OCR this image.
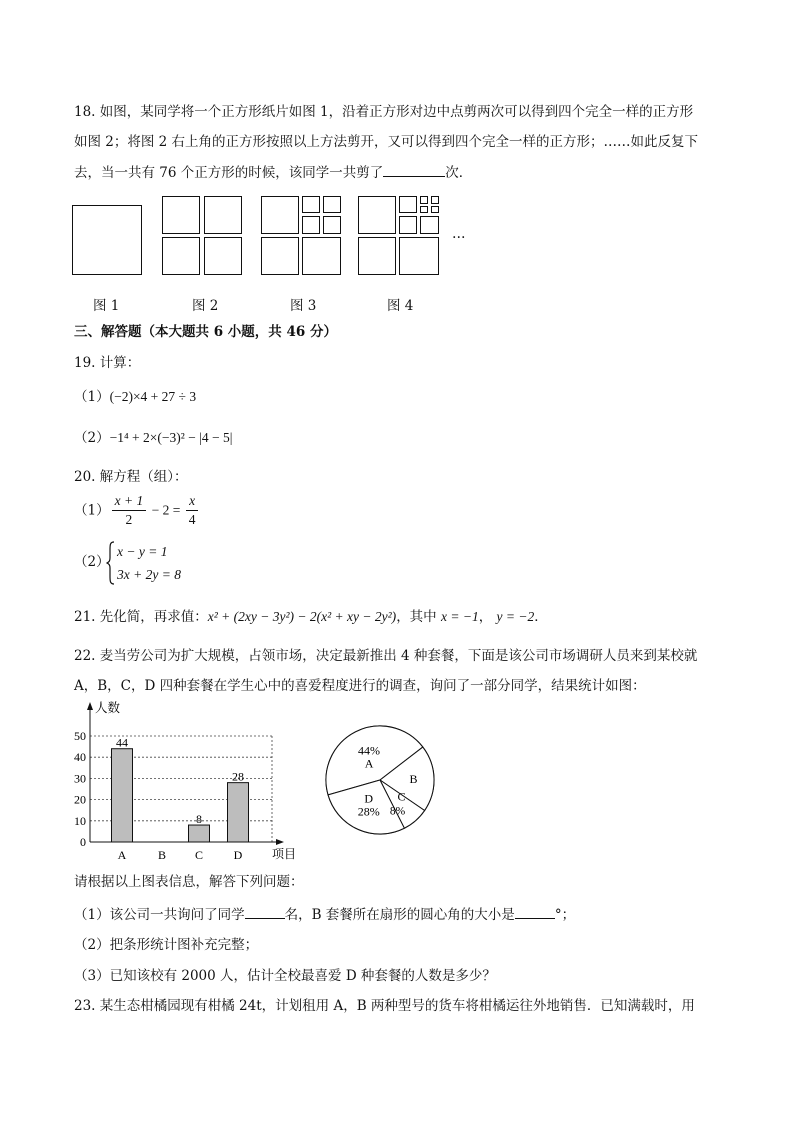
18. 如图，某同学将一个正方形纸片如图 1，沿着正方形对边中点剪两次可以得到四个完全一样的正方形
如图 2；将图 2 右上角的正方形按照以上方法剪开，又可以得到四个完全一样的正方形；……如此反复下
去，当一共有 76 个正方形的时候，该同学一共剪了	次．
…
图 1	图 2	图 3	图 4
三、解答题（本大题共 6 小题，共 46 分）
19. 计算：
（1）(−2)×4 + 27 ÷ 3
（2）−1⁴ + 2×(−3)² − |4 − 5|
20. 解方程（组）：
$(1) \frac{x + 1}{2} - 2 = \frac{x}{4}$
（2）
x − y = 1
3x + 2y = 8
21. 先化简，再求值：x² + (2xy − 3y²) − 2(x² + xy − 2y²)，其中 x = −1， y = −2．
22. 麦当劳公司为扩大规模，占领市场，决定最新推出 4 种套餐，下面是该公司市场调研人员来到某校就
A，B，C，D 四种套餐在学生心中的喜爱程度进行的调查，询问了一部分同学，结果统计如图：
0
10
20
30
40
50
人数
项目
A
44
B C
8
D
28
44%
A
B
C
8%
D
28%
请根据以上图表信息，解答下列问题：
（1）该公司一共询问了同学	名，B 套餐所在扇形的圆心角的大小是	°；
（2）把条形统计图补充完整；
（3）已知该校有 2000 人，估计全校最喜爱 D 种套餐的人数是多少？
23. 某生态柑橘园现有柑橘 24t，计划租用 A，B 两种型号的货车将柑橘运往外地销售．已知满载时，用
